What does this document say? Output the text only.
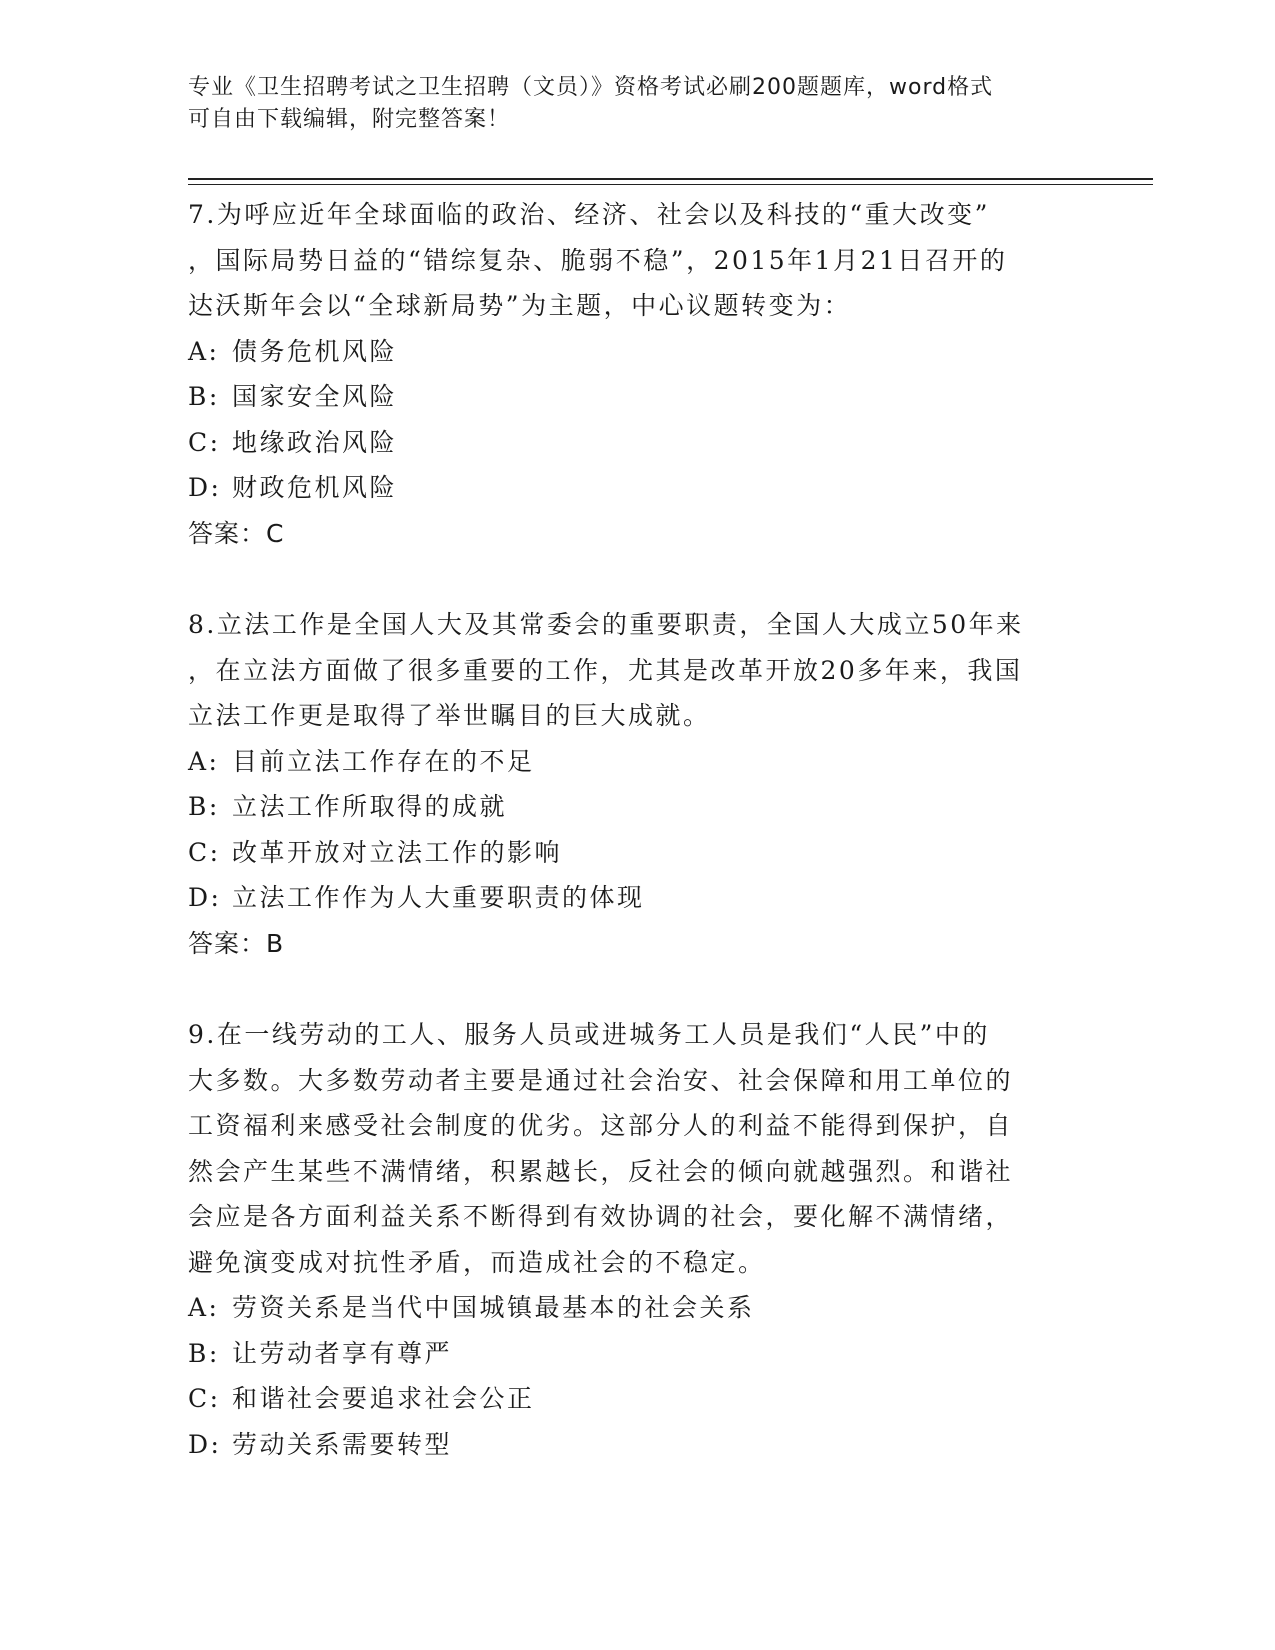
专业《卫生招聘考试之卫生招聘（文员）》资格考试必刷200题题库，word格式
可自由下载编辑，附完整答案！
7.为呼应近年全球面临的政治、经济、社会以及科技的“重大改变”
，国际局势日益的“错综复杂、脆弱不稳”，2015年1月21日召开的
达沃斯年会以“全球新局势”为主题，中心议题转变为：
A: 债务危机风险
B: 国家安全风险
C: 地缘政治风险
D: 财政危机风险
答案：C
8.立法工作是全国人大及其常委会的重要职责，全国人大成立50年来
，在立法方面做了很多重要的工作，尤其是改革开放20多年来，我国
立法工作更是取得了举世瞩目的巨大成就。
A: 目前立法工作存在的不足
B: 立法工作所取得的成就
C: 改革开放对立法工作的影响
D: 立法工作作为人大重要职责的体现
答案：B
9.在一线劳动的工人、服务人员或进城务工人员是我们“人民”中的
大多数。大多数劳动者主要是通过社会治安、社会保障和用工单位的
工资福利来感受社会制度的优劣。这部分人的利益不能得到保护，自
然会产生某些不满情绪，积累越长，反社会的倾向就越强烈。和谐社
会应是各方面利益关系不断得到有效协调的社会，要化解不满情绪，
避免演变成对抗性矛盾，而造成社会的不稳定。
A: 劳资关系是当代中国城镇最基本的社会关系
B: 让劳动者享有尊严
C: 和谐社会要追求社会公正
D: 劳动关系需要转型
